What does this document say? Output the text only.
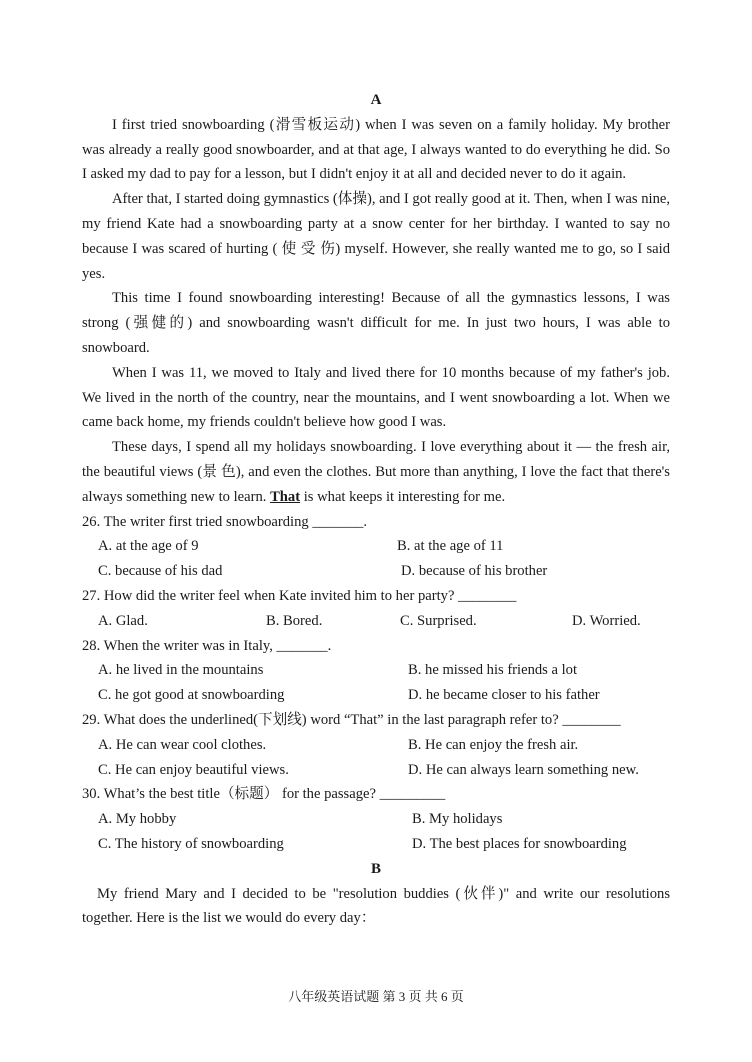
A

I first tried snowboarding (滑雪板运动) when I was seven on a family holiday. My brother was already a really good snowboarder, and at that age, I always wanted to do everything he did. So I asked my dad to pay for a lesson, but I didn't enjoy it at all and decided never to do it again.

After that, I started doing gymnastics (体操), and I got really good at it. Then, when I was nine, my friend Kate had a snowboarding party at a snow center for her birthday. I wanted to say no because I was scared of hurting ( 使 受 伤) myself. However, she really wanted me to go, so I said yes.

This time I found snowboarding interesting! Because of all the gymnastics lessons, I was strong (强健的) and snowboarding wasn't difficult for me. In just two hours, I was able to snowboard.

When I was 11, we moved to Italy and lived there for 10 months because of my father's job. We lived in the north of the country, near the mountains, and I went snowboarding a lot. When we came back home, my friends couldn't believe how good I was.

These days, I spend all my holidays snowboarding. I love everything about it — the fresh air, the beautiful views (景 色), and even the clothes. But more than anything, I love the fact that there's always something new to learn. That is what keeps it interesting for me.

26. The writer first tried snowboarding _______.
A. at the age of 9	B. at the age of 11
C. because of his dad	D. because of his brother
27. How did the writer feel when Kate invited him to her party? ________
A. Glad.	B. Bored.	C. Surprised.	D. Worried.
28. When the writer was in Italy, _______.
A. he lived in the mountains	B. he missed his friends a lot
C. he got good at snowboarding	D. he became closer to his father
29. What does the underlined(下划线) word “That” in the last paragraph refer to? ________
A. He can wear cool clothes.	B. He can enjoy the fresh air.
C. He can enjoy beautiful views.	D. He can always learn something new.
30. What’s the best title（标题） for the passage? _________
A. My hobby	B. My holidays
C. The history of snowboarding	D. The best places for snowboarding
B

My friend Mary and I decided to be "resolution buddies (伙伴)" and write our resolutions together. Here is the list we would do every day：

八年级英语试题 第 3 页 共 6 页
